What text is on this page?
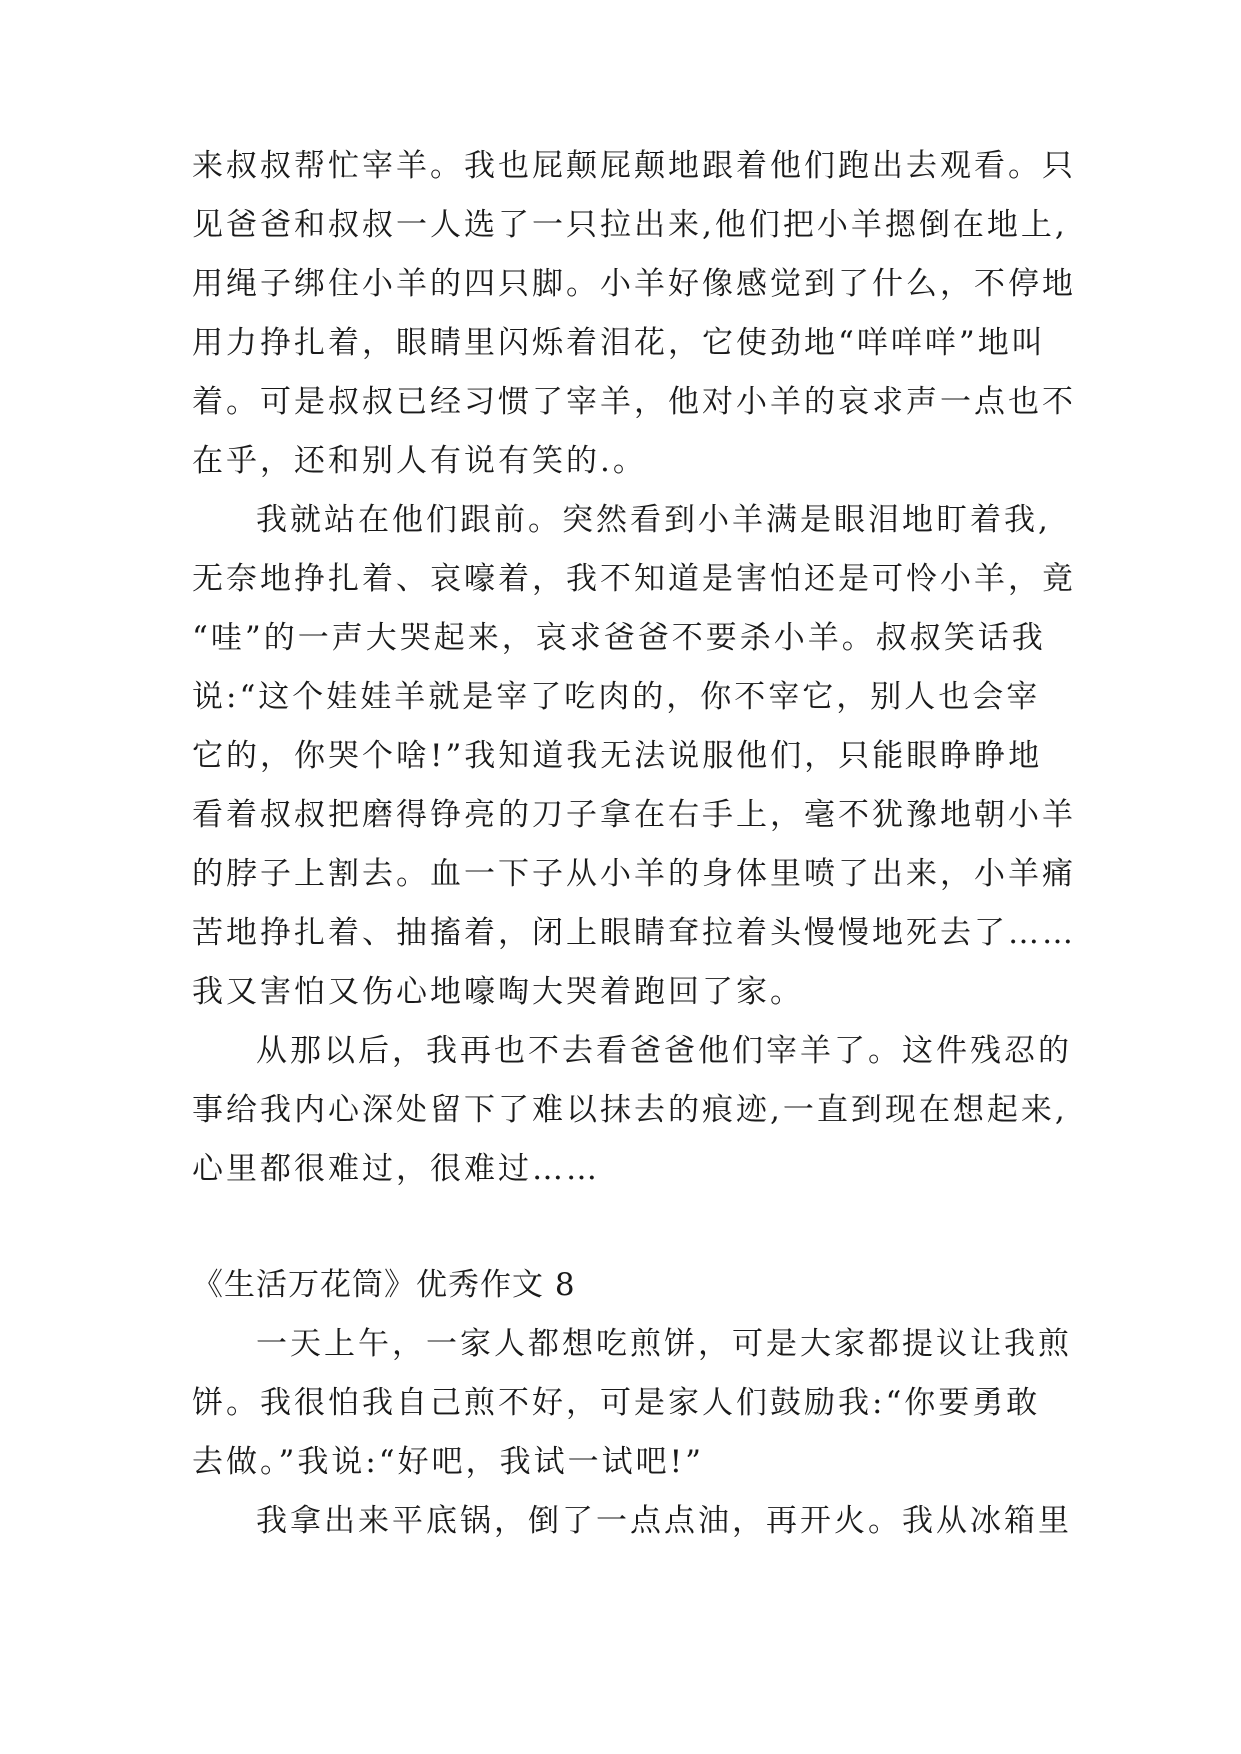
来叔叔帮忙宰羊。我也屁颠屁颠地跟着他们跑出去观看。只
见爸爸和叔叔一人选了一只拉出来,他们把小羊摁倒在地上,
用绳子绑住小羊的四只脚。小羊好像感觉到了什么，不停地
用力挣扎着，眼睛里闪烁着泪花，它使劲地“咩咩咩”地叫
着。可是叔叔已经习惯了宰羊，他对小羊的哀求声一点也不
在乎，还和别人有说有笑的.。
我就站在他们跟前。突然看到小羊满是眼泪地盯着我,
无奈地挣扎着、哀嚎着，我不知道是害怕还是可怜小羊，竟
“哇”的一声大哭起来，哀求爸爸不要杀小羊。叔叔笑话我
说:“这个娃娃羊就是宰了吃肉的，你不宰它，别人也会宰
它的，你哭个啥!”我知道我无法说服他们，只能眼睁睁地
看着叔叔把磨得铮亮的刀子拿在右手上，毫不犹豫地朝小羊
的脖子上割去。血一下子从小羊的身体里喷了出来，小羊痛
苦地挣扎着、抽搐着，闭上眼睛耷拉着头慢慢地死去了……
我又害怕又伤心地嚎啕大哭着跑回了家。
从那以后，我再也不去看爸爸他们宰羊了。这件残忍的
事给我内心深处留下了难以抹去的痕迹,一直到现在想起来,
心里都很难过，很难过……
《生活万花筒》优秀作文 8
一天上午，一家人都想吃煎饼，可是大家都提议让我煎
饼。我很怕我自己煎不好，可是家人们鼓励我:“你要勇敢
去做。”我说:“好吧，我试一试吧!”
我拿出来平底锅，倒了一点点油，再开火。我从冰箱里
